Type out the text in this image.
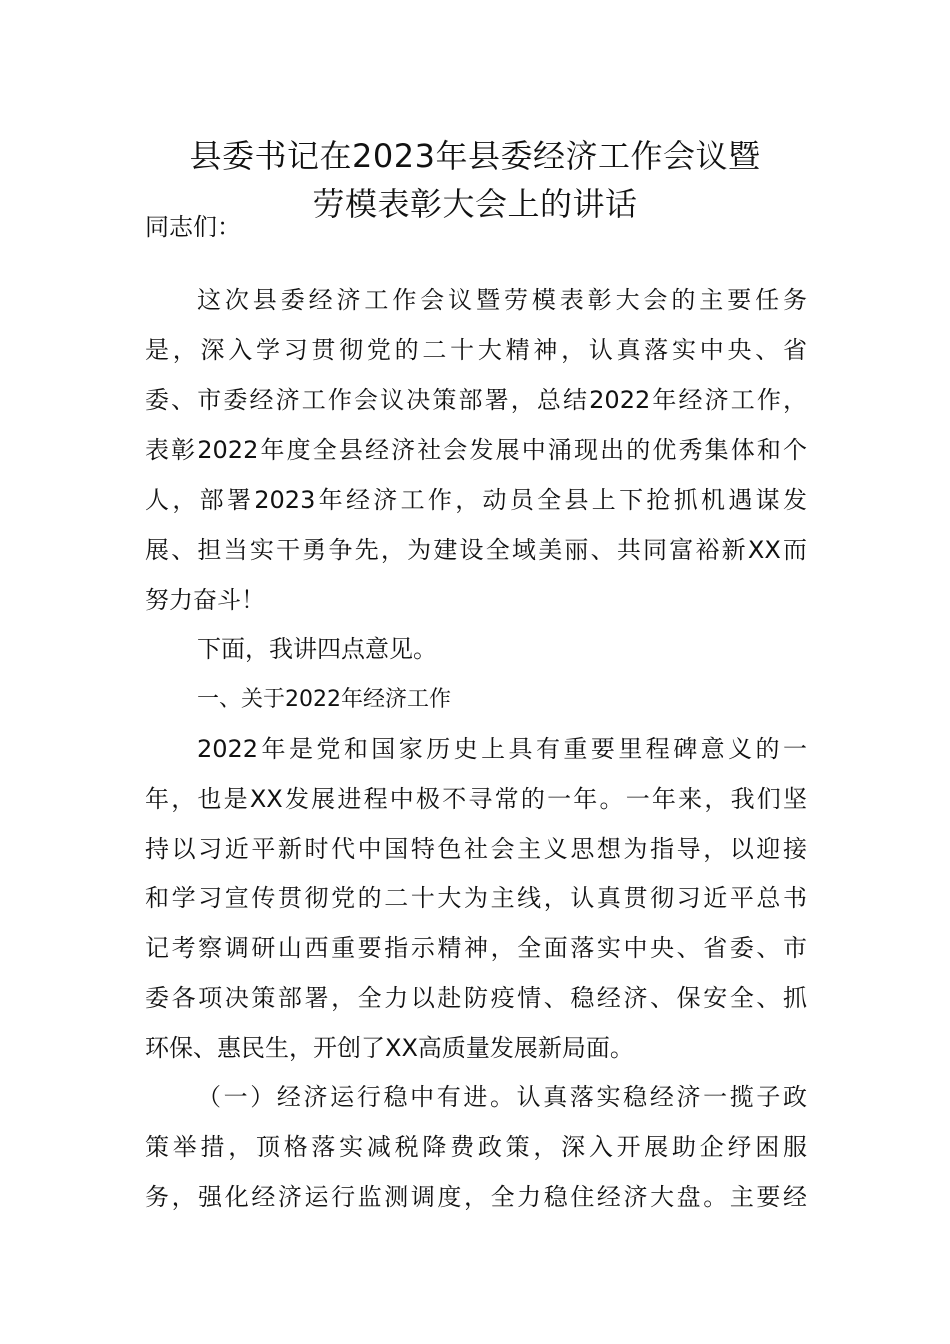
县委书记在2023年县委经济工作会议暨
劳模表彰大会上的讲话
同志们：
这次县委经济工作会议暨劳模表彰大会的主要任务
是，深入学习贯彻党的二十大精神，认真落实中央、省
委、市委经济工作会议决策部署，总结2022年经济工作，
表彰2022年度全县经济社会发展中涌现出的优秀集体和个
人，部署2023年经济工作，动员全县上下抢抓机遇谋发
展、担当实干勇争先，为建设全域美丽、共同富裕新XX而
努力奋斗！
下面，我讲四点意见。
一、关于2022年经济工作
2022年是党和国家历史上具有重要里程碑意义的一
年，也是XX发展进程中极不寻常的一年。一年来，我们坚
持以习近平新时代中国特色社会主义思想为指导，以迎接
和学习宣传贯彻党的二十大为主线，认真贯彻习近平总书
记考察调研山西重要指示精神，全面落实中央、省委、市
委各项决策部署，全力以赴防疫情、稳经济、保安全、抓
环保、惠民生，开创了XX高质量发展新局面。
（一）经济运行稳中有进。认真落实稳经济一揽子政
策举措，顶格落实减税降费政策，深入开展助企纾困服
务，强化经济运行监测调度，全力稳住经济大盘。主要经
